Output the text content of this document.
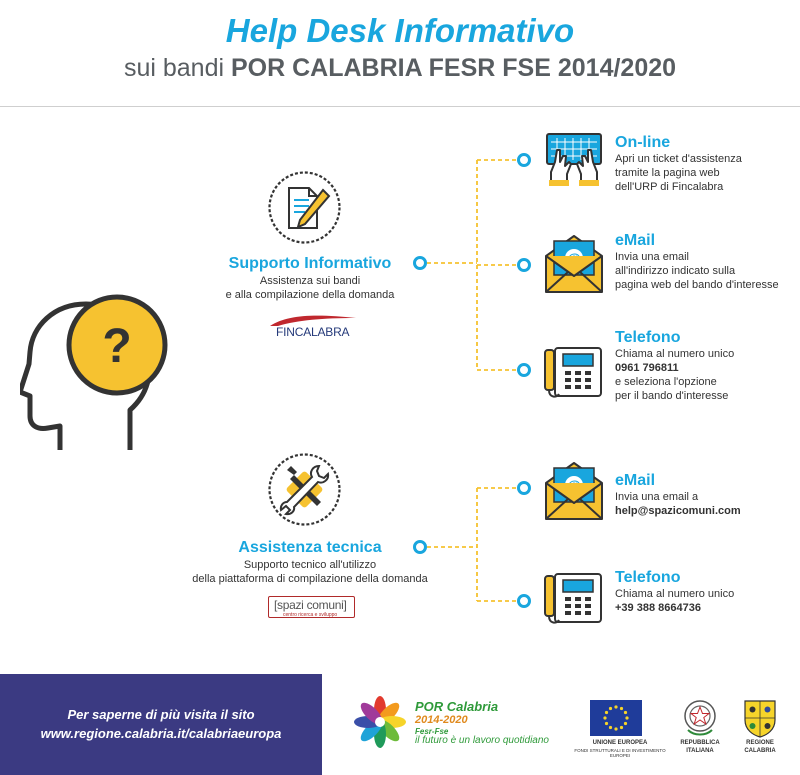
Help Desk Informativo
sui bandi POR CALABRIA FESR FSE 2014/2020
?	FINCALABRA
[spazi comuni]
centro ricerca e sviluppo
Supporto Informativo
Assistenza sui bandi
e alla compilazione della domanda
Assistenza tecnica
Supporto tecnico all'utilizzo
della piattaforma di compilazione della domanda
On-line
Apri un ticket d'assistenza
tramite la pagina web
dell'URP di Fincalabra
eMail
Invia una email
all'indirizzo indicato sulla
pagina web del bando d'interesse
Telefono
Chiama al numero unico
0961 796811
e seleziona l'opzione
per il bando d'interesse
eMail
Invia una email a
help@spazicomuni.com
Telefono
Chiama al numero unico
+39 388 8664736
Per saperne di più visita il sito
www.regione.calabria.it/calabriaeuropa
POR Calabria
2014-2020
Fesr-Fse
il futuro è un lavoro quotidiano	UNIONE EUROPEA
FONDI STRUTTURALI E DI INVESTIMENTO EUROPEI
REPUBBLICA
ITALIANA
REGIONE
CALABRIA
